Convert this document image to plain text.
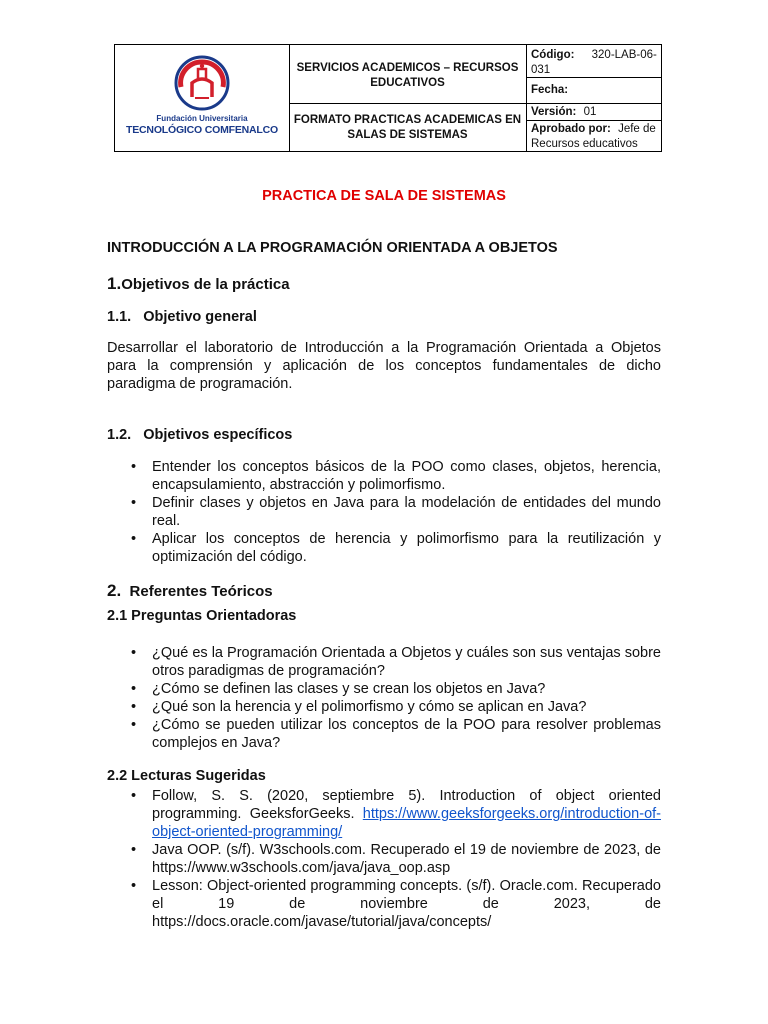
Fundación Universitaria
TECNOLÓGICO COMFENALCO
SERVICIOS ACADEMICOS – RECURSOS EDUCATIVOS
FORMATO PRACTICAS ACADEMICAS EN SALAS DE SISTEMAS
Código: 320-LAB-06-031
Fecha:
Versión: 01
Aprobado por: Jefe de Recursos educativos
PRACTICA DE SALA DE SISTEMAS
INTRODUCCIÓN A LA PROGRAMACIÓN ORIENTADA A OBJETOS
1.Objetivos de la práctica
1.1.   Objetivo general
Desarrollar el laboratorio de Introducción a la Programación Orientada a Objetos
para la comprensión y aplicación de los conceptos fundamentales de dicho
paradigma de programación.
1.2.   Objetivos específicos
• Entender los conceptos básicos de la POO como clases, objetos, herencia, encapsulamiento, abstracción y polimorfismo.
• Definir clases y objetos en Java para la modelación de entidades del mundo real.
• Aplicar los conceptos de herencia y polimorfismo para la reutilización y optimización del código.
2. Referentes Teóricos
2.1 Preguntas Orientadoras
• ¿Qué es la Programación Orientada a Objetos y cuáles son sus ventajas sobre otros paradigmas de programación?
• ¿Cómo se definen las clases y se crean los objetos en Java?
• ¿Qué son la herencia y el polimorfismo y cómo se aplican en Java?
• ¿Cómo se pueden utilizar los conceptos de la POO para resolver problemas complejos en Java?
2.2 Lecturas Sugeridas
• Follow, S. S. (2020, septiembre 5). Introduction of object oriented programming. GeeksforGeeks. https://www.geeksforgeeks.org/introduction-of-object-oriented-programming/
• Java OOP. (s/f). W3schools.com. Recuperado el 19 de noviembre de 2023, de https://www.w3schools.com/java/java_oop.asp
• Lesson: Object-oriented programming concepts. (s/f). Oracle.com. Recuperado el 19 de noviembre de 2023, de https://docs.oracle.com/javase/tutorial/java/concepts/
